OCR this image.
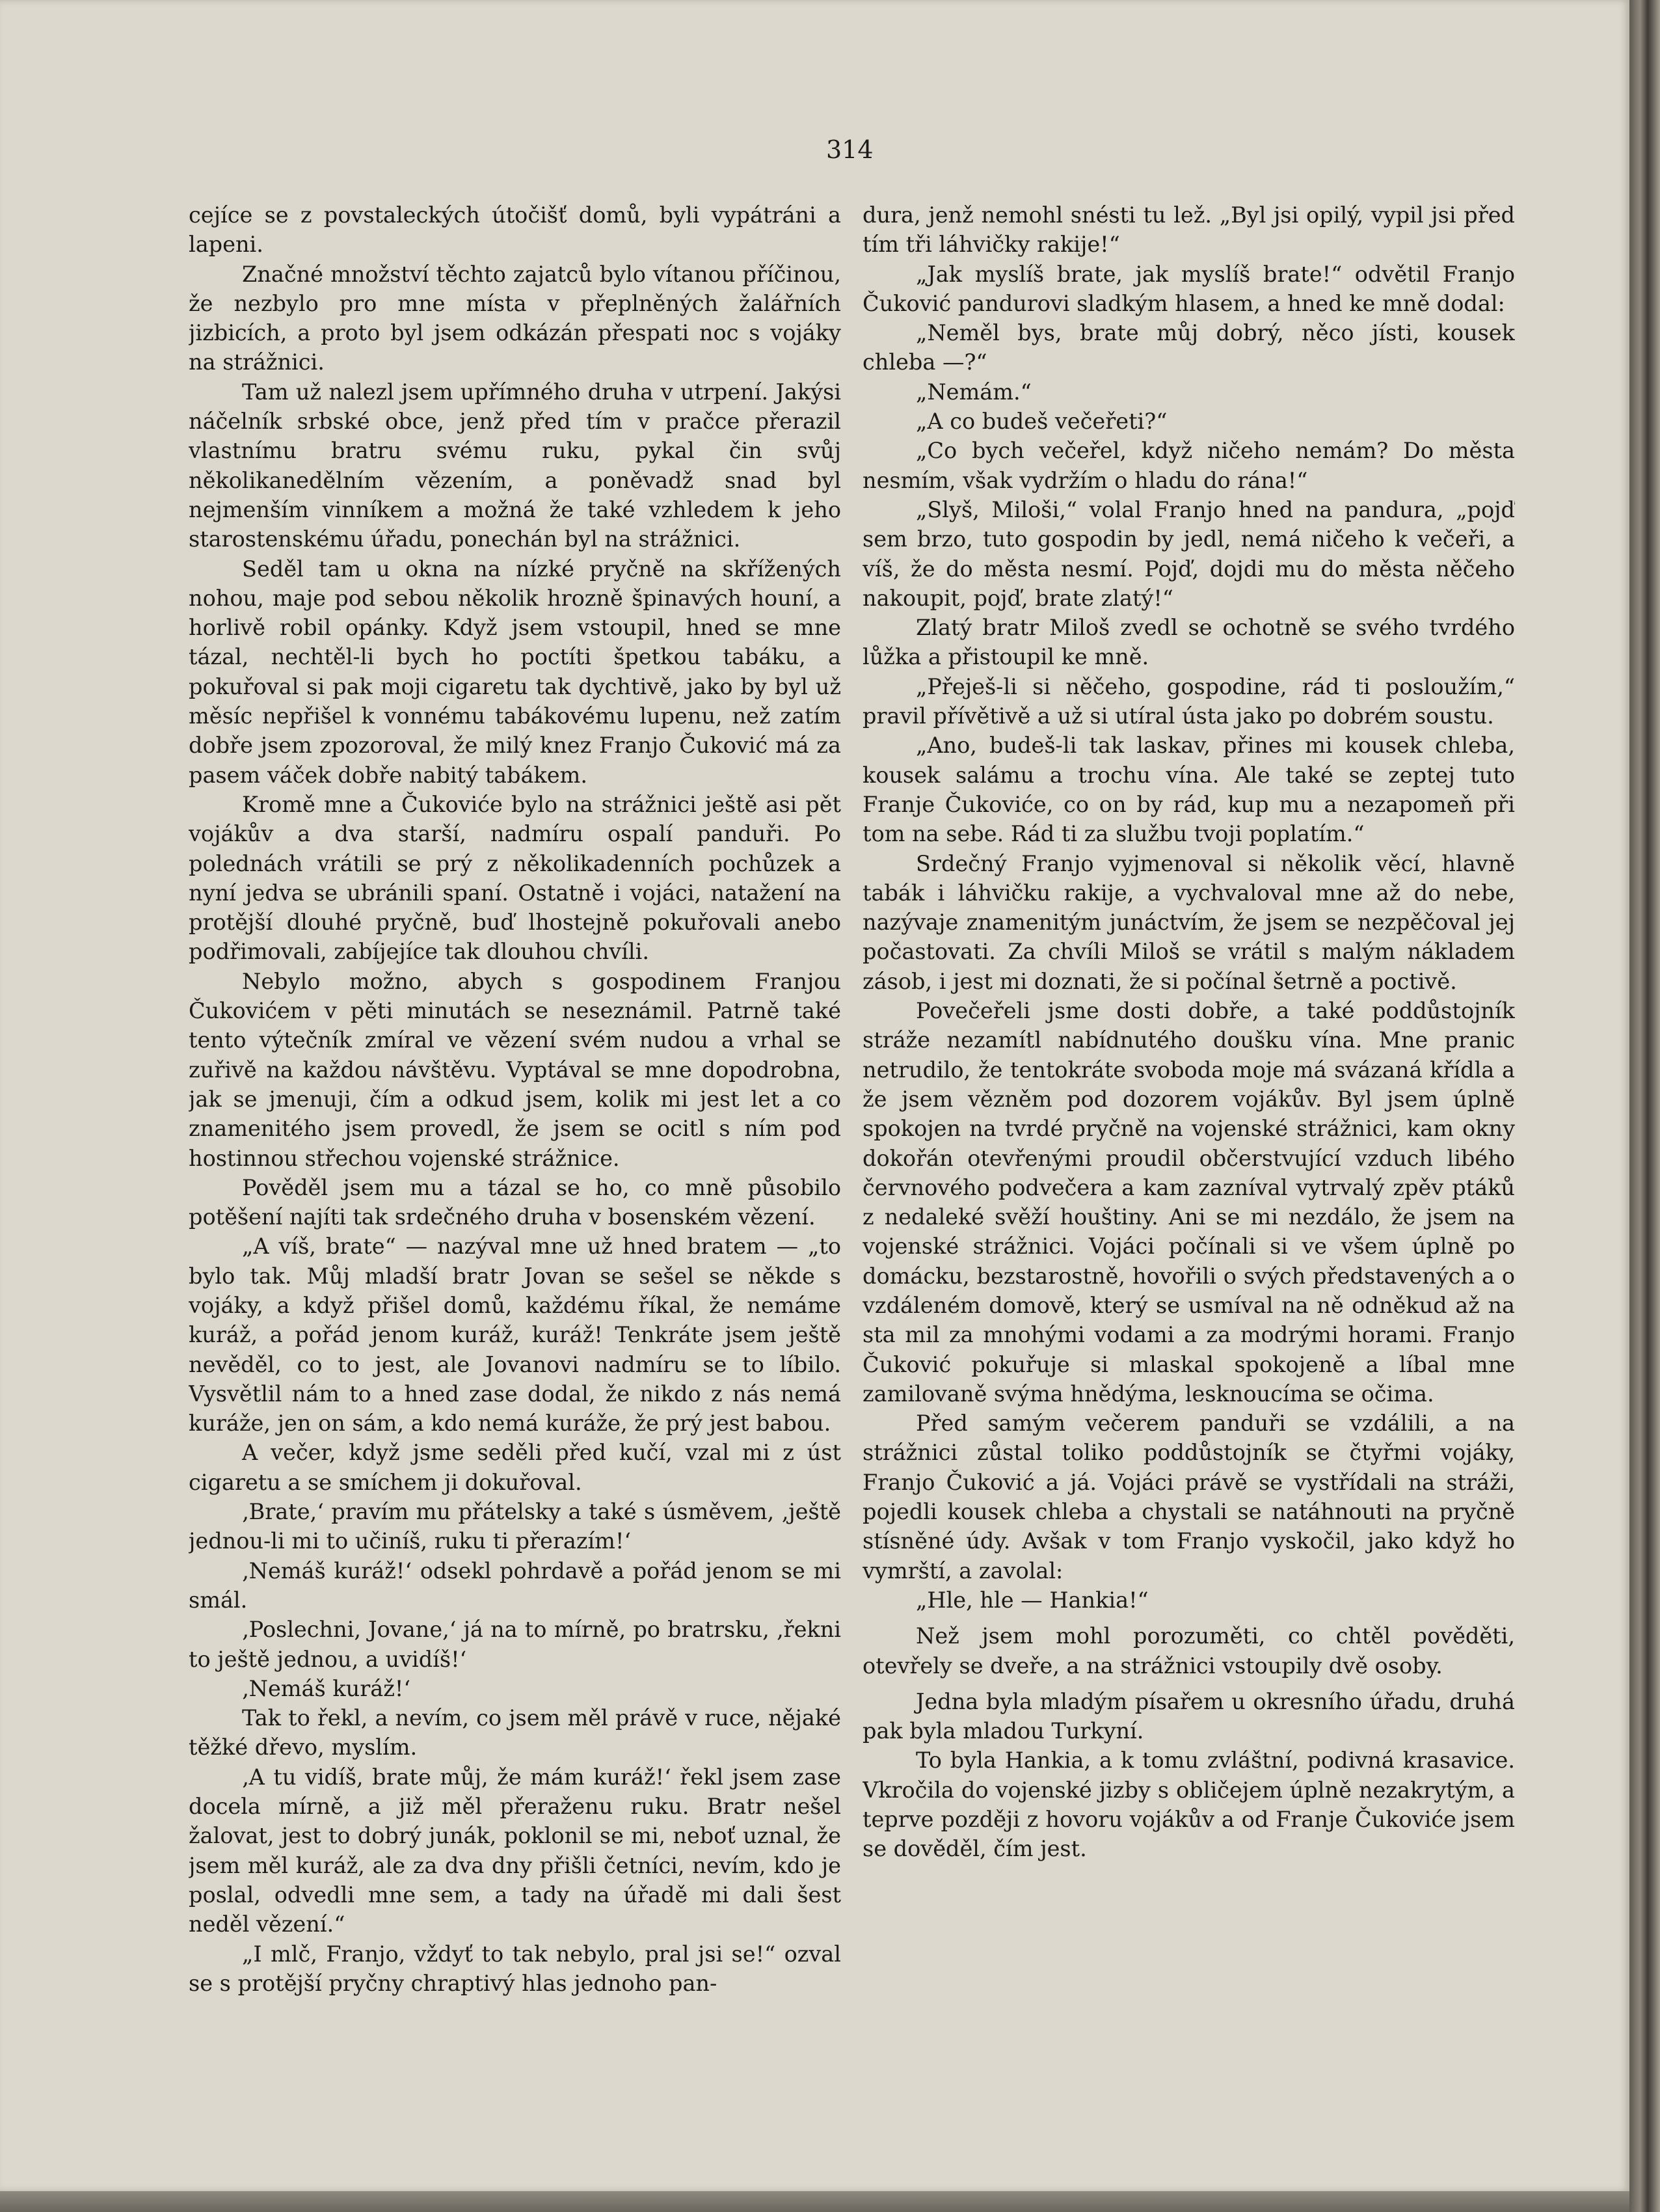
314

cejíce se z povstaleckých útočišť domů, byli vypátráni a lapeni.

Značné množství těchto zajatců bylo vítanou příčinou, že nezbylo pro mne místa v přeplněných žalářních jizbicích, a proto byl jsem odkázán přespati noc s vojáky na strážnici.

Tam už nalezl jsem upřímného druha v utrpení. Jakýsi náčelník srbské obce, jenž před tím v pračce přerazil vlastnímu bratru svému ruku, pykal čin svůj několikanedělním vězením, a poněvadž snad byl nejmenším vinníkem a možná že také vzhledem k jeho starostenskému úřadu, ponechán byl na strážnici.

Seděl tam u okna na nízké pryčně na skřížených nohou, maje pod sebou několik hrozně špinavých houní, a horlivě robil opánky. Když jsem vstoupil, hned se mne tázal, nechtěl-li bych ho poctíti špetkou tabáku, a pokuřoval si pak moji cigaretu tak dychtivě, jako by byl už měsíc nepřišel k vonnému tabákovému lupenu, než zatím dobře jsem zpozoroval, že milý knez Franjo Čuković má za pasem váček dobře nabitý tabákem.

Kromě mne a Čukoviće bylo na strážnici ještě asi pět vojákův a dva starší, nadmíru ospalí panduři. Po polednách vrátili se prý z několikadenních pochůzek a nyní jedva se ubránili spaní. Ostatně i vojáci, natažení na protější dlouhé pryčně, buď lhostejně pokuřovali anebo podřimovali, zabíjejíce tak dlouhou chvíli.

Nebylo možno, abych s gospodinem Franjou Čukovićem v pěti minutách se neseznámil. Patrně také tento výtečník zmíral ve vězení svém nudou a vrhal se zuřivě na každou návštěvu. Vyptával se mne dopodrobna, jak se jmenuji, čím a odkud jsem, kolik mi jest let a co znamenitého jsem provedl, že jsem se ocitl s ním pod hostinnou střechou vojenské strážnice.

Pověděl jsem mu a tázal se ho, co mně působilo potěšení najíti tak srdečného druha v bosenském vězení.

„A víš, brate“ — nazýval mne už hned bratem — „to bylo tak. Můj mladší bratr Jovan se sešel se někde s vojáky, a když přišel domů, každému říkal, že nemáme kuráž, a pořád jenom kuráž, kuráž! Tenkráte jsem ještě nevěděl, co to jest, ale Jovanovi nadmíru se to líbilo. Vysvětlil nám to a hned zase dodal, že nikdo z nás nemá kuráže, jen on sám, a kdo nemá kuráže, že prý jest babou.

A večer, když jsme seděli před kučí, vzal mi z úst cigaretu a se smíchem ji dokuřoval.

‚Brate,‘ pravím mu přátelsky a také s úsměvem, ‚ještě jednou-li mi to učiníš, ruku ti přerazím!‘

‚Nemáš kuráž!‘ odsekl pohrdavě a pořád jenom se mi smál.

‚Poslechni, Jovane,‘ já na to mírně, po bratrsku, ‚řekni to ještě jednou, a uvidíš!‘

‚Nemáš kuráž!‘

Tak to řekl, a nevím, co jsem měl právě v ruce, nějaké těžké dřevo, myslím.

‚A tu vidíš, brate můj, že mám kuráž!‘ řekl jsem zase docela mírně, a již měl přeraženu ruku. Bratr nešel žalovat, jest to dobrý junák, poklonil se mi, neboť uznal, že jsem měl kuráž, ale za dva dny přišli četníci, nevím, kdo je poslal, odvedli mne sem, a tady na úřadě mi dali šest neděl vězení.“

„I mlč, Franjo, vždyť to tak nebylo, pral jsi se!“ ozval se s protější pryčny chraptivý hlas jednoho pan-

dura, jenž nemohl snésti tu lež. „Byl jsi opilý, vypil jsi před tím tři láhvičky rakije!“

„Jak myslíš brate, jak myslíš brate!“ odvětil Franjo Čuković pandurovi sladkým hlasem, a hned ke mně dodal:

„Neměl bys, brate můj dobrý, něco jísti, kousek chleba —?“

„Nemám.“

„A co budeš večeřeti?“

„Co bych večeřel, když ničeho nemám? Do města nesmím, však vydržím o hladu do rána!“

„Slyš, Miloši,“ volal Franjo hned na pandura, „pojď sem brzo, tuto gospodin by jedl, nemá ničeho k večeři, a víš, že do města nesmí. Pojď, dojdi mu do města něčeho nakoupit, pojď, brate zlatý!“

Zlatý bratr Miloš zvedl se ochotně se svého tvrdého lůžka a přistoupil ke mně.

„Přeješ-li si něčeho, gospodine, rád ti posloužím,“ pravil přívětivě a už si utíral ústa jako po dobrém soustu.

„Ano, budeš-li tak laskav, přines mi kousek chleba, kousek salámu a trochu vína. Ale také se zeptej tuto Franje Čukoviće, co on by rád, kup mu a nezapomeň při tom na sebe. Rád ti za službu tvoji poplatím.“

Srdečný Franjo vyjmenoval si několik věcí, hlavně tabák i láhvičku rakije, a vychvaloval mne až do nebe, nazývaje znamenitým junáctvím, že jsem se nezpěčoval jej počastovati. Za chvíli Miloš se vrátil s malým nákladem zásob, i jest mi doznati, že si počínal šetrně a poctivě.

Povečeřeli jsme dosti dobře, a také poddůstojník stráže nezamítl nabídnutého doušku vína. Mne pranic netrudilo, že tentokráte svoboda moje má svázaná křídla a že jsem vězněm pod dozorem vojákův. Byl jsem úplně spokojen na tvrdé pryčně na vojenské strážnici, kam okny dokořán otevřenými proudil občerstvující vzduch libého červnového podvečera a kam zazníval vytrvalý zpěv ptáků z nedaleké svěží houštiny. Ani se mi nezdálo, že jsem na vojenské strážnici. Vojáci počínali si ve všem úplně po domácku, bezstarostně, hovořili o svých představených a o vzdáleném domově, který se usmíval na ně odněkud až na sta mil za mnohými vodami a za modrými horami. Franjo Čuković pokuřuje si mlaskal spokojeně a líbal mne zamilovaně svýma hnědýma, lesknoucíma se očima.

Před samým večerem panduři se vzdálili, a na strážnici zůstal toliko poddůstojník se čtyřmi vojáky, Franjo Čuković a já. Vojáci právě se vystřídali na stráži, pojedli kousek chleba a chystali se natáhnouti na pryčně stísněné údy. Avšak v tom Franjo vyskočil, jako když ho vymrští, a zavolal:

„Hle, hle — Hankia!“

Než jsem mohl porozuměti, co chtěl pověděti, otevřely se dveře, a na strážnici vstoupily dvě osoby.

Jedna byla mladým písařem u okresního úřadu, druhá pak byla mladou Turkyní.

To byla Hankia, a k tomu zvláštní, podivná krasavice. Vkročila do vojenské jizby s obličejem úplně nezakrytým, a teprve později z hovoru vojákův a od Franje Čukoviće jsem se dověděl, čím jest.
